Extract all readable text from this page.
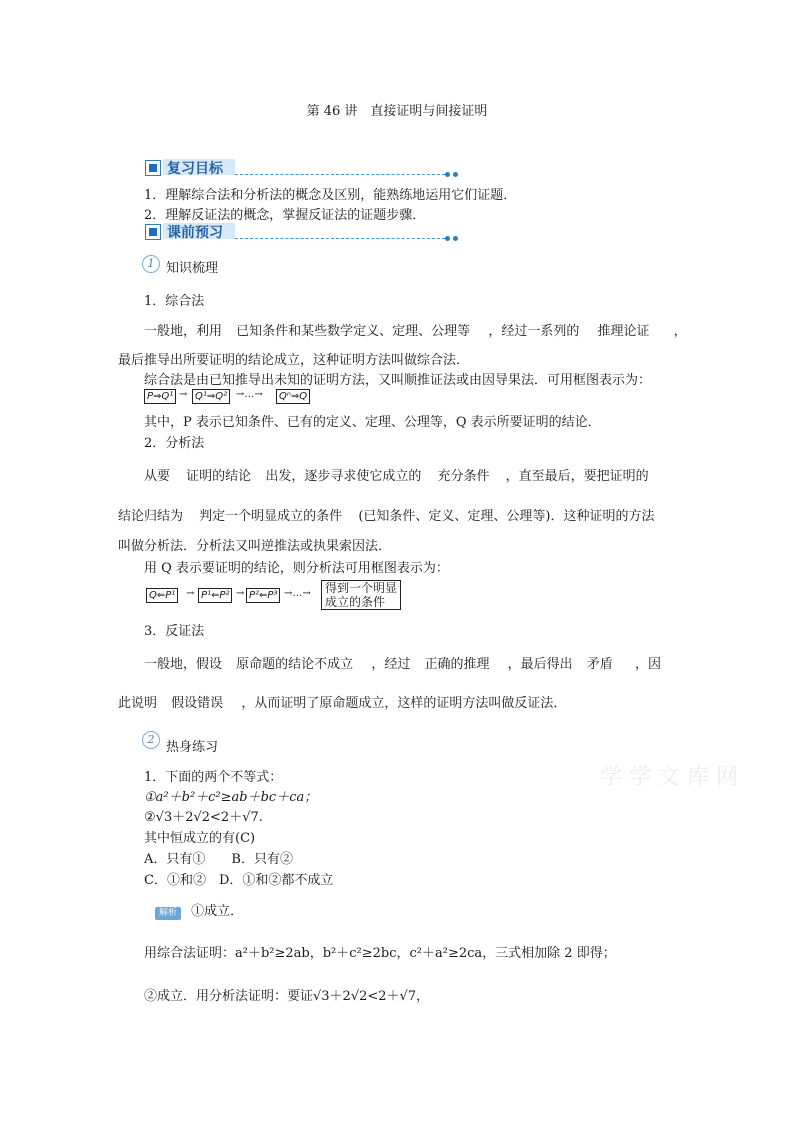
第 46 讲　直接证明与间接证明
复习目标
1．理解综合法和分析法的概念及区别，能熟练地运用它们证题．
2．理解反证法的概念，掌握反证法的证题步骤．
课前预习
1 知识梳理
1．综合法
一般地，利用 已知条件和某些数学定义、定理、公理等 ，经过一系列的 推理论证 ，
最后推导出所要证明的结论成立，这种证明方法叫做综合法．
综合法是由已知推导出未知的证明方法，又叫顺推证法或由因导果法．可用框图表示为：
P⇒Q¹ → Q¹⇒Q² →…→	Qⁿ⇒Q
其中，P 表示已知条件、已有的定义、定理、公理等，Q 表示所要证明的结论．
2．分析法
从要 证明的结论 出发，逐步寻求使它成立的 充分条件 ，直至最后，要把证明的
结论归结为 判定一个明显成立的条件 (已知条件、定义、定理、公理等)．这种证明的方法
叫做分析法．分析法又叫逆推法或执果索因法．
用 Q 表示要证明的结论，则分析法可用框图表示为：
Q⇐P¹	→ P¹⇐P² → P²⇐P³ →…→ 得到一个明显
成立的条件
3．反证法
一般地，假设 原命题的结论不成立 ，经过 正确的推理 ，最后得出 矛盾 ，因
此说明 假设错误 ，从而证明了原命题成立，这样的证明方法叫做反证法．
2
热身练习
1．下面的两个不等式：
①a²＋b²＋c²≥ab＋bc＋ca；
②√3＋2√2<2＋√7.
其中恒成立的有(C)
A．只有①　　B．只有②
C．①和②　D．①和②都不成立
解析 ①成立．
用综合法证明：a²＋b²≥2ab，b²＋c²≥2bc，c²＋a²≥2ca，三式相加除 2 即得；
②成立．用分析法证明：要证√3＋2√2<2＋√7，
学 学 文 库 网
